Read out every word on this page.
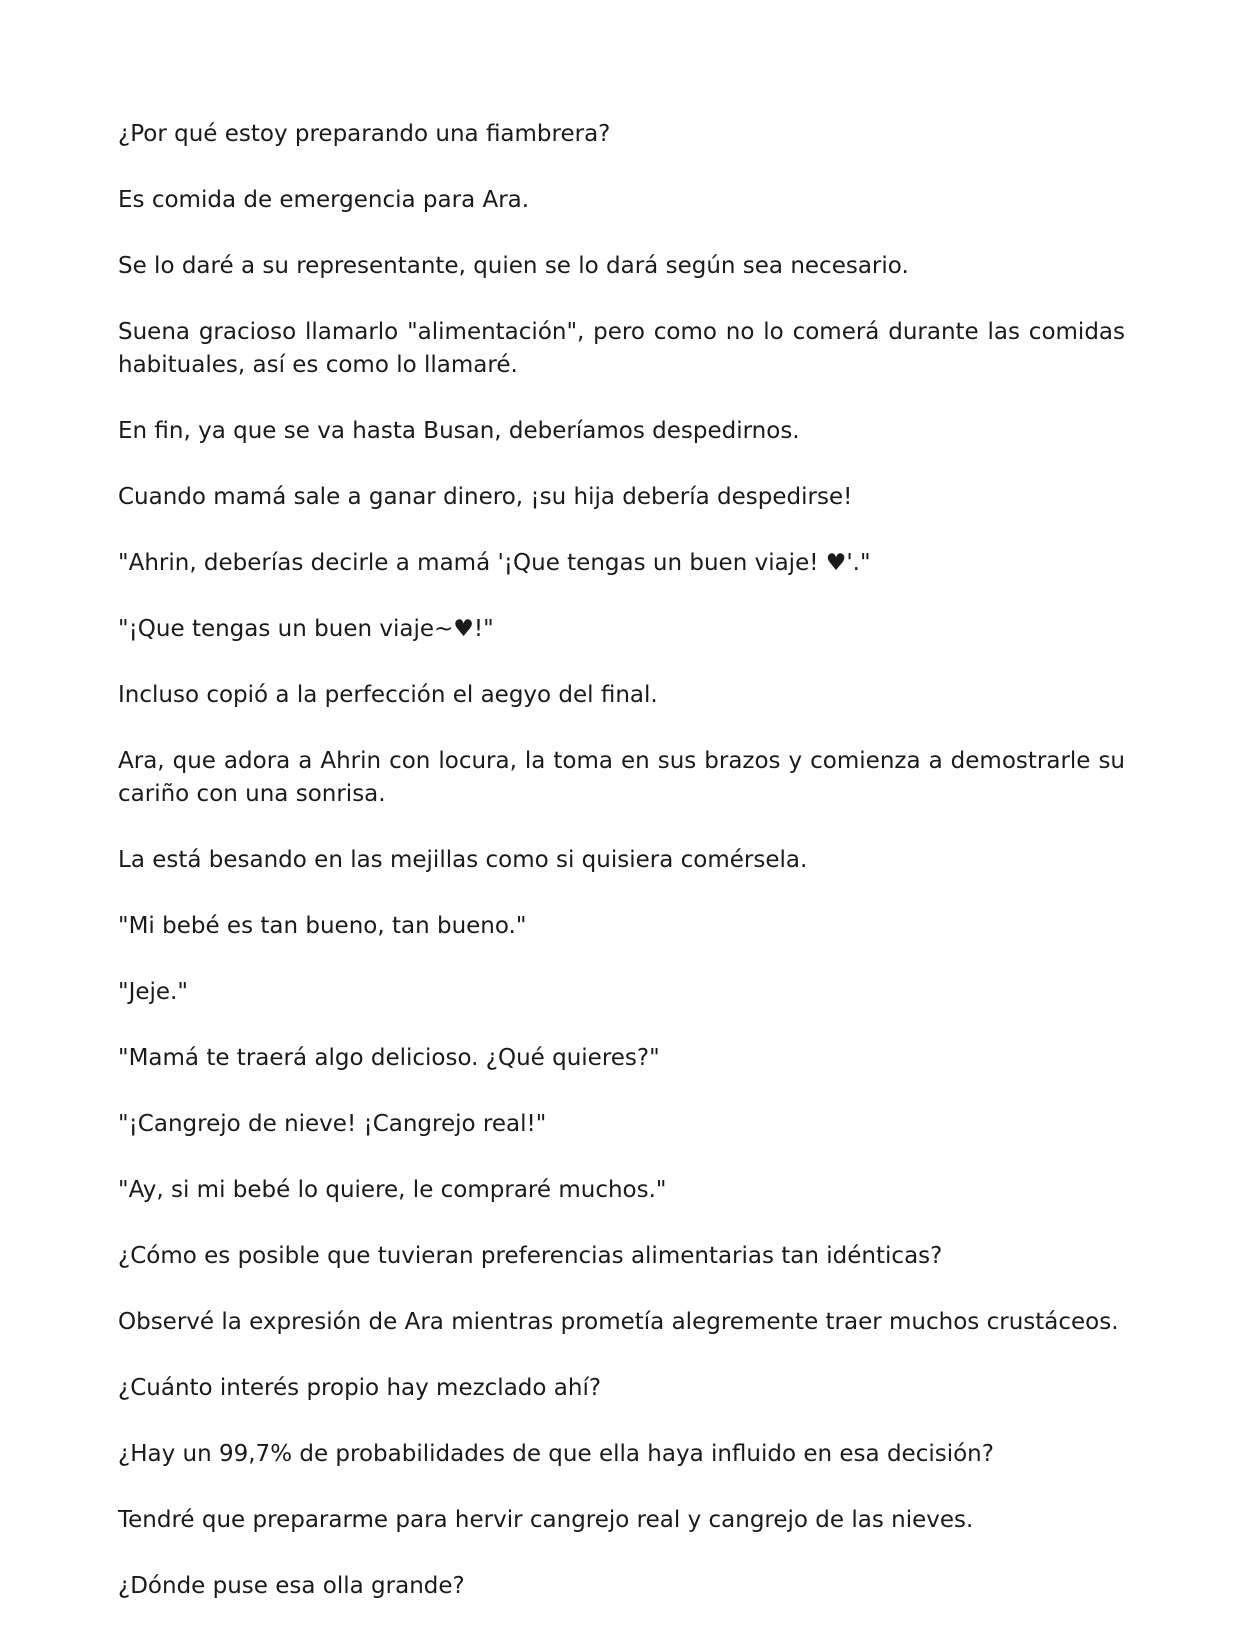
¿Por qué estoy preparando una fiambrera?

Es comida de emergencia para Ara.

Se lo daré a su representante, quien se lo dará según sea necesario.

Suena gracioso llamarlo "alimentación", pero como no lo comerá durante las comidas habituales, así es como lo llamaré.

En fin, ya que se va hasta Busan, deberíamos despedirnos.

Cuando mamá sale a ganar dinero, ¡su hija debería despedirse!

"Ahrin, deberías decirle a mamá '¡Que tengas un buen viaje! ♥'."

"¡Que tengas un buen viaje~♥!"

Incluso copió a la perfección el aegyo del final.

Ara, que adora a Ahrin con locura, la toma en sus brazos y comienza a demostrarle su cariño con una sonrisa.

La está besando en las mejillas como si quisiera comérsela.

"Mi bebé es tan bueno, tan bueno."

"Jeje."

"Mamá te traerá algo delicioso. ¿Qué quieres?"

"¡Cangrejo de nieve! ¡Cangrejo real!"

"Ay, si mi bebé lo quiere, le compraré muchos."

¿Cómo es posible que tuvieran preferencias alimentarias tan idénticas?

Observé la expresión de Ara mientras prometía alegremente traer muchos crustáceos.

¿Cuánto interés propio hay mezclado ahí?

¿Hay un 99,7% de probabilidades de que ella haya influido en esa decisión?

Tendré que prepararme para hervir cangrejo real y cangrejo de las nieves.

¿Dónde puse esa olla grande?
